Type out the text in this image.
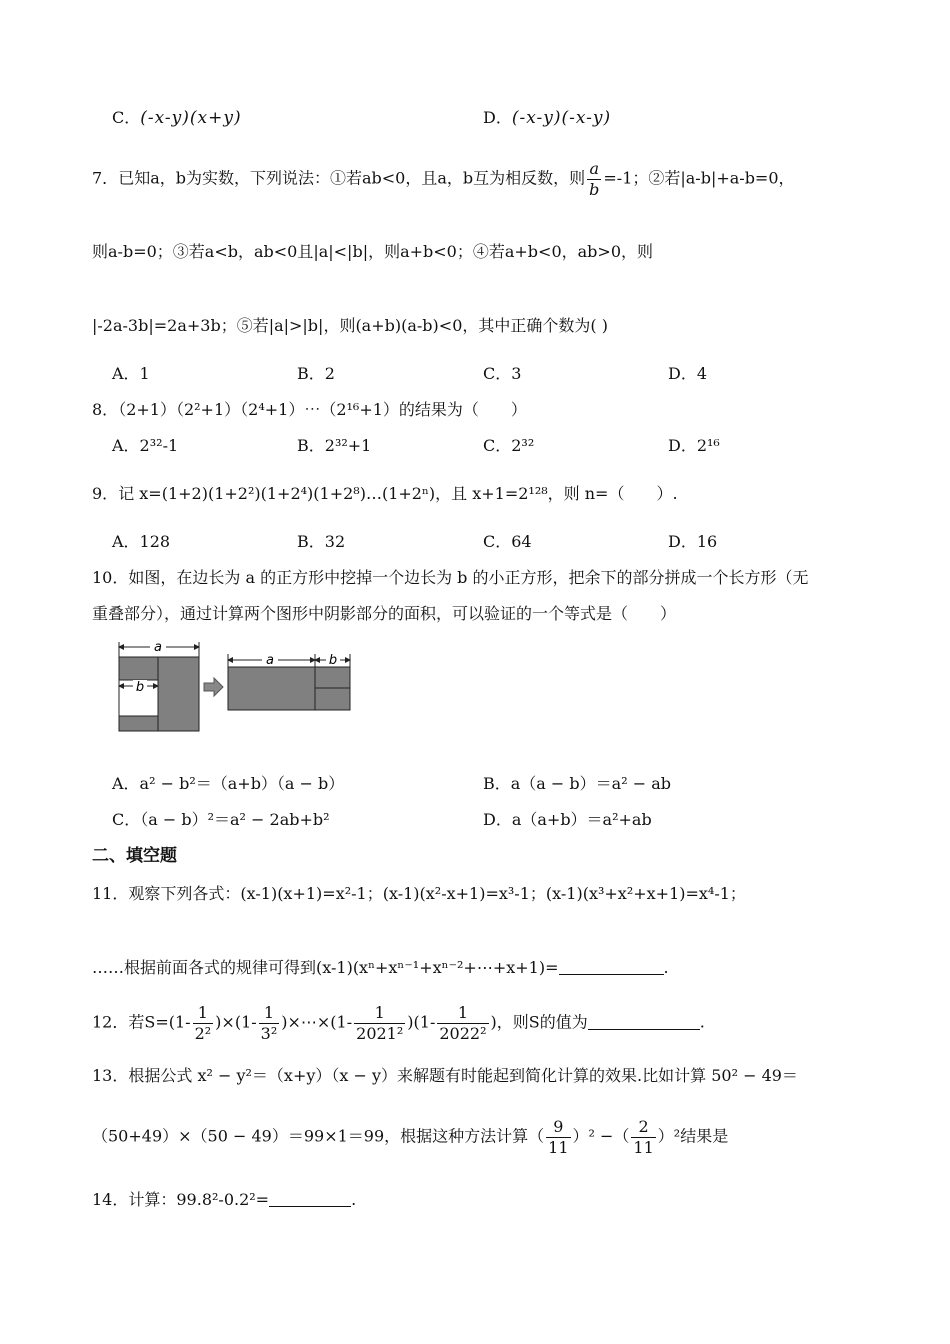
C．(-x-y)(x+y)	D．(-x-y)(-x-y)
7．已知a，b为实数，下列说法：①若ab<0，且a，b互为相反数，则 $\frac{a}{b} =-1$；②若|a-b|+a-b=0，
则a-b=0；③若a<b，ab<0且|a|<|b|，则a+b<0；④若a+b<0，ab>0，则
|-2a-3b|=2a+3b；⑤若|a|>|b|，则(a+b)(a-b)<0，其中正确个数为( )
A．1	B．2	C．3	D．4
8．（2+1）（2²+1）（2⁴+1）⋯（2¹⁶+1）的结果为（　　）
A．2³²-1	B．2³²+1	C．2³²	D．2¹⁶
9．记 x=(1+2)(1+2²)(1+2⁴)(1+2⁸)…(1+2ⁿ)，且 x+1=2¹²⁸，则 n=（　　）.
A．128	B．32	C．64	D．16
10．如图，在边长为 a 的正方形中挖掉一个边长为 b 的小正方形，把余下的部分拼成一个长方形（无
重叠部分），通过计算两个图形中阴影部分的面积，可以验证的一个等式是（　　）
a
b
a	b
A．a² − b²＝（a+b）（a − b）	B．a（a − b）＝a² − ab
C．（a − b）²＝a² − 2ab+b²	D．a（a+b）＝a²+ab
二、填空题
11．观察下列各式：(x-1)(x+1)=x²-1；(x-1)(x²-x+1)=x³-1；(x-1)(x³+x²+x+1)=x⁴-1；
……根据前面各式的规律可得到(x-1)(xⁿ+xⁿ⁻¹+xⁿ⁻²+⋯+x+1)=	.
12．若$S=(1- \frac{1}{\text{2²}} )\times(1- \frac{1}{\text{3²}}$ )×⋯×(1- $\frac{1}{\text{2021²}} )(1- \frac{1}{\text{2022²}}$ )，则S的值为	.
13．根据公式 x² − y²＝（x+y）（x − y）来解题有时能起到简化计算的效果.比如计算 50² − 49＝
（50+49）×（50 − 49）＝99×1＝99，根据这种方法计算（ $\frac{9}{11} )^2$ −（ $\frac{2}{11} )^2$结果是
14．计算：99.8²-0.2²=	.
